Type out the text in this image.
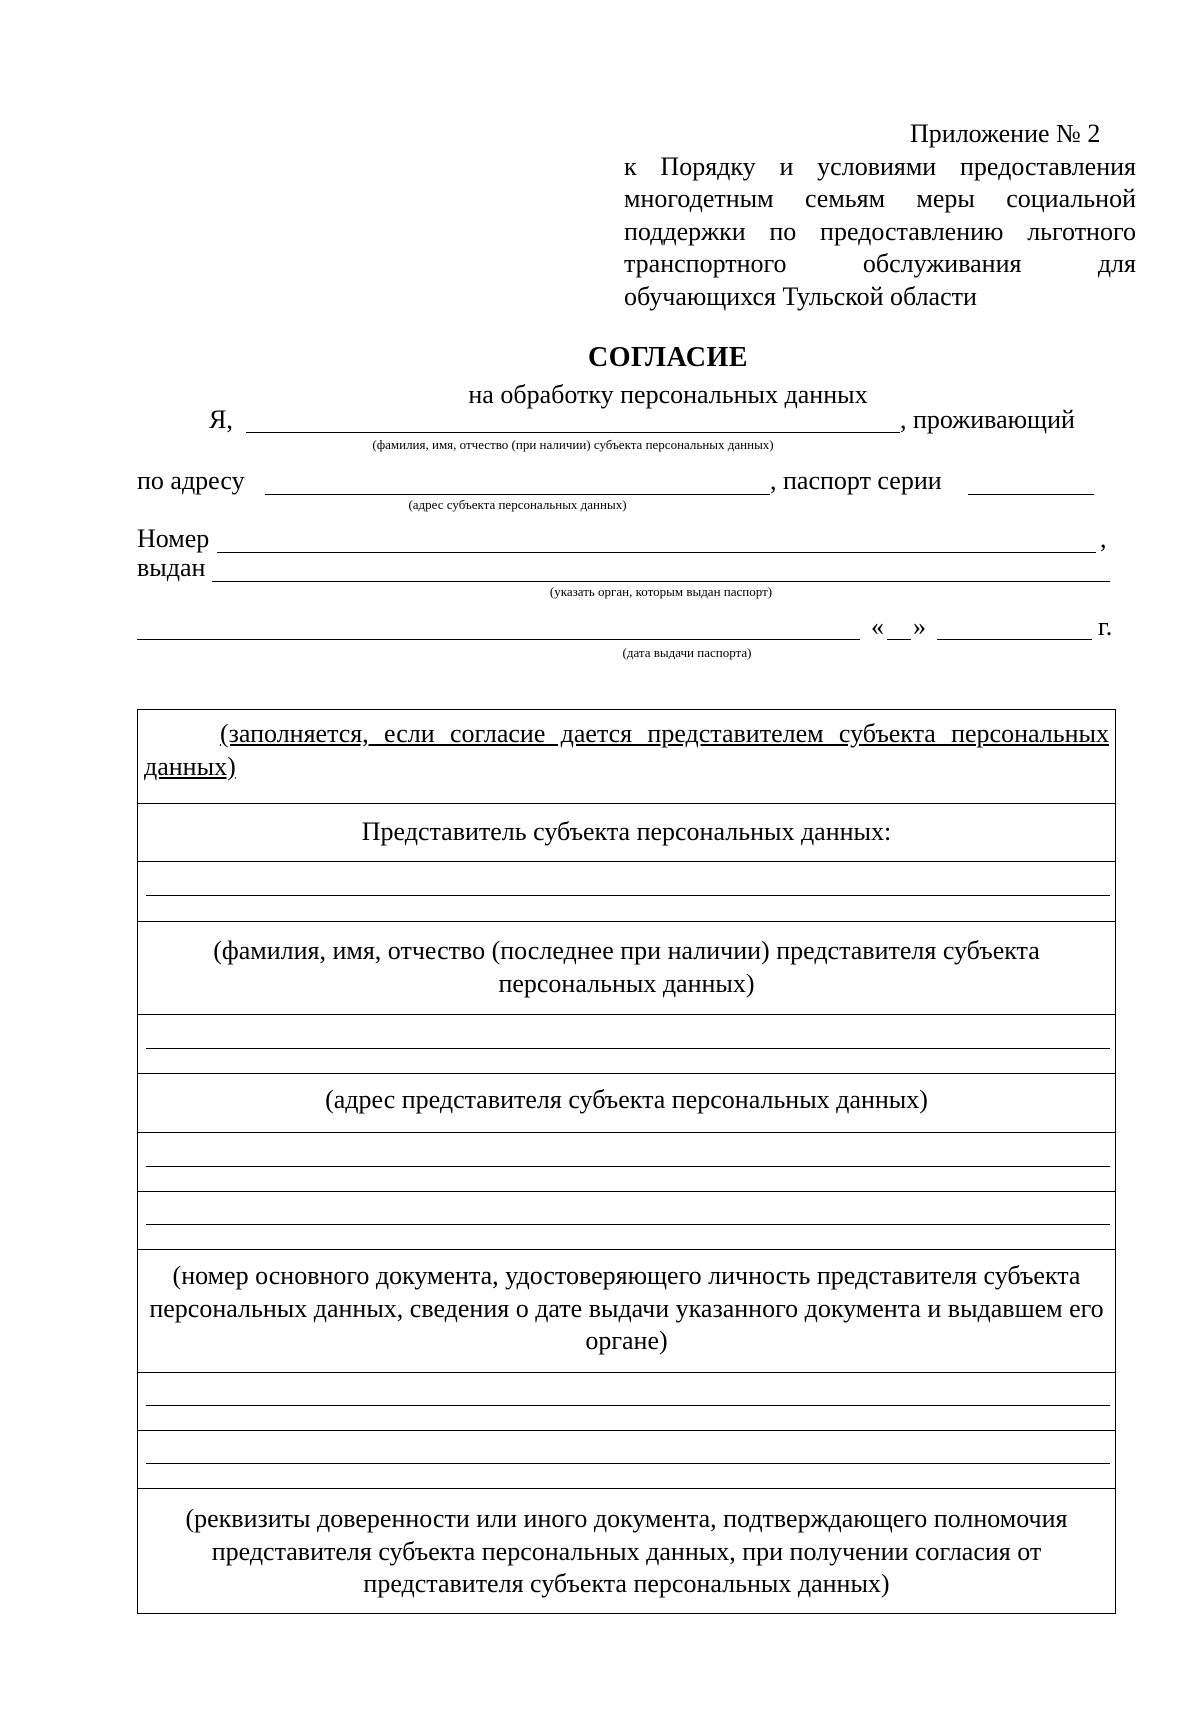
Приложение № 2
к Порядку и условиями предоставления
многодетным семьям меры социальной
поддержки по предоставлению льготного
транспортного обслуживания для
обучающихся Тульской области
СОГЛАСИЕ
на обработку персональных данных
Я,	, проживающий
(фамилия, имя, отчество (при наличии) субъекта персональных данных)
по адресу	, паспорт серии
(адрес субъекта персональных данных)
Номер	,
выдан
(указать орган, которым выдан паспорт)
« »	г.
(дата выдачи паспорта)
(заполняется, если согласие дается представителем субъекта персональных данных)
Представитель субъекта персональных данных:
(фамилия, имя, отчество (последнее при наличии) представителя субъекта персональных данных)
(адрес представителя субъекта персональных данных)
(номер основного документа, удостоверяющего личность представителя субъекта персональных данных, сведения о дате выдачи указанного документа и выдавшем его органе)
(реквизиты доверенности или иного документа, подтверждающего полномочия представителя субъекта персональных данных, при получении согласия от представителя субъекта персональных данных)
